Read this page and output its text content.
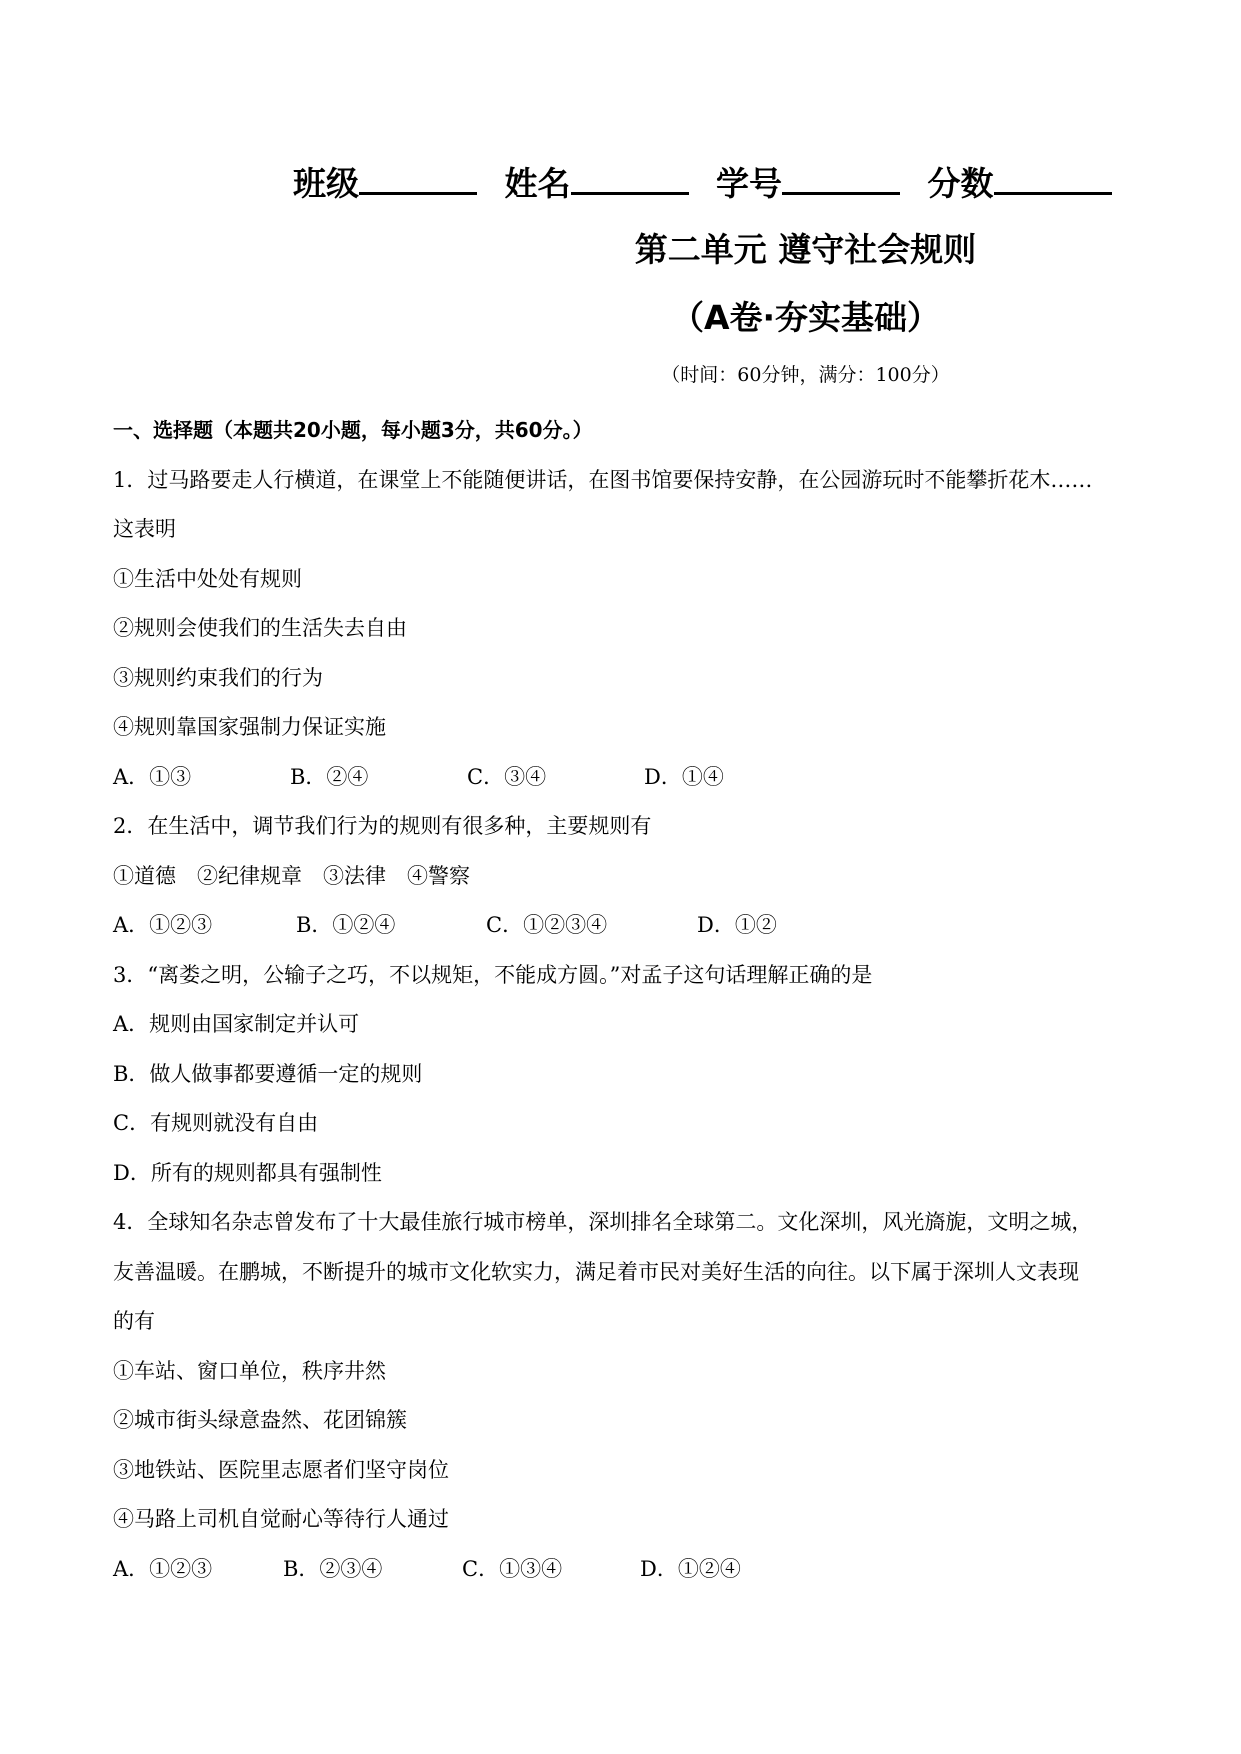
班级	姓名	学号	分数
第二单元 遵守社会规则
（A卷·夯实基础）
（时间：60分钟，满分：100分）
一、选择题（本题共20小题，每小题3分，共60分。）
1．过马路要走人行横道，在课堂上不能随便讲话，在图书馆要保持安静，在公园游玩时不能攀折花木……
这表明
①生活中处处有规则
②规则会使我们的生活失去自由
③规则约束我们的行为
④规则靠国家强制力保证实施
A．①③	B．②④	C．③④	D．①④
2．在生活中，调节我们行为的规则有很多种，主要规则有
①道德　②纪律规章　③法律　④警察
A．①②③	B．①②④	C．①②③④	D．①②
3．“离娄之明，公输子之巧，不以规矩，不能成方圆。”对孟子这句话理解正确的是
A．规则由国家制定并认可
B．做人做事都要遵循一定的规则
C．有规则就没有自由
D．所有的规则都具有强制性
4．全球知名杂志曾发布了十大最佳旅行城市榜单，深圳排名全球第二。文化深圳，风光旖旎，文明之城，
友善温暖。在鹏城，不断提升的城市文化软实力，满足着市民对美好生活的向往。以下属于深圳人文表现
的有
①车站、窗口单位，秩序井然
②城市街头绿意盎然、花团锦簇
③地铁站、医院里志愿者们坚守岗位
④马路上司机自觉耐心等待行人通过
A．①②③	B．②③④	C．①③④	D．①②④
